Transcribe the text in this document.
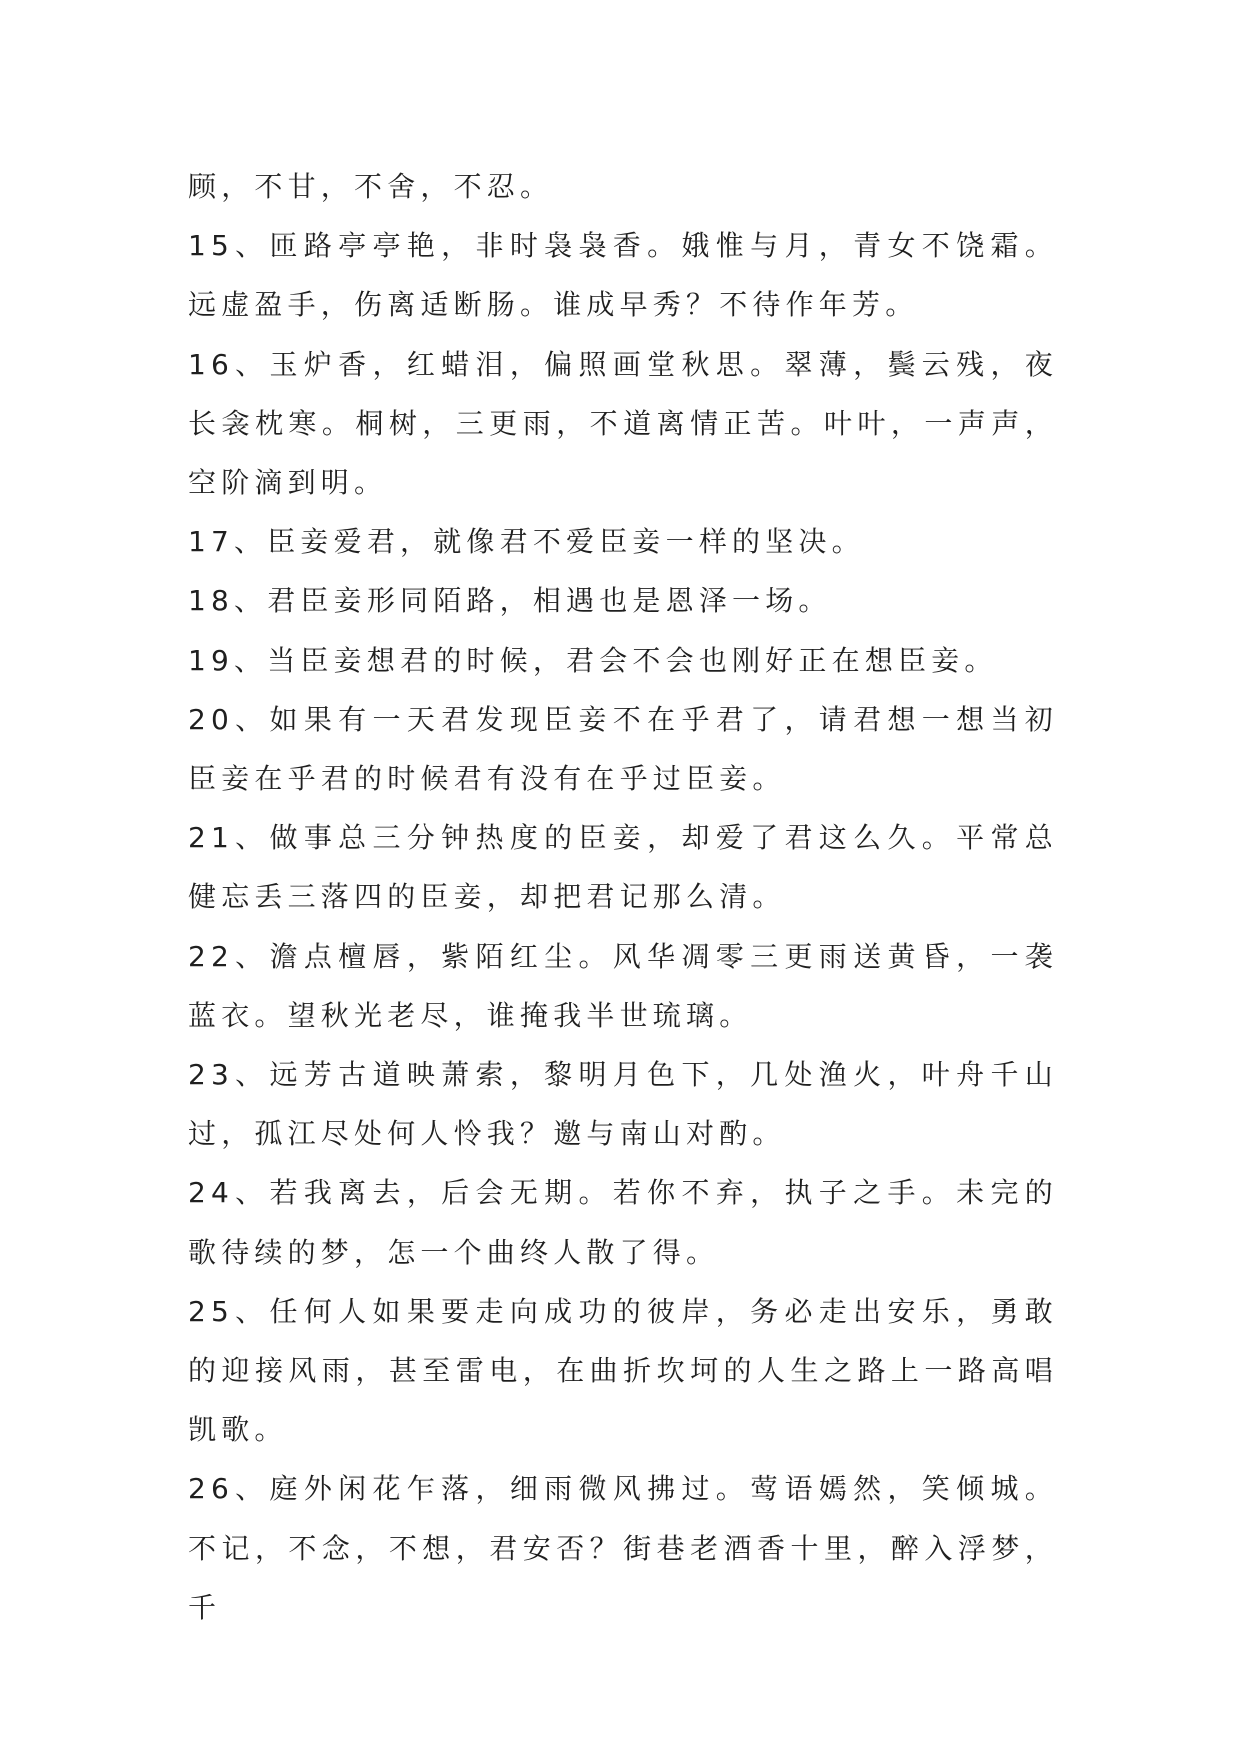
顾，不甘，不舍，不忍。

15、匝路亭亭艳，非时袅袅香。娥惟与月，青女不饶霜。远虚盈手，伤离适断肠。谁成早秀？不待作年芳。

16、玉炉香，红蜡泪，偏照画堂秋思。翠薄，鬓云残，夜长衾枕寒。桐树，三更雨，不道离情正苦。叶叶，一声声，空阶滴到明。

17、臣妾爱君，就像君不爱臣妾一样的坚决。

18、君臣妾形同陌路，相遇也是恩泽一场。

19、当臣妾想君的时候，君会不会也刚好正在想臣妾。

20、如果有一天君发现臣妾不在乎君了，请君想一想当初臣妾在乎君的时候君有没有在乎过臣妾。

21、做事总三分钟热度的臣妾，却爱了君这么久。平常总健忘丢三落四的臣妾，却把君记那么清。

22、澹点檀唇，紫陌红尘。风华凋零三更雨送黄昏，一袭蓝衣。望秋光老尽，谁掩我半世琉璃。

23、远芳古道映萧索，黎明月色下，几处渔火，叶舟千山过，孤江尽处何人怜我？邀与南山对酌。

24、若我离去，后会无期。若你不弃，执子之手。未完的歌待续的梦，怎一个曲终人散了得。

25、任何人如果要走向成功的彼岸，务必走出安乐，勇敢的迎接风雨，甚至雷电，在曲折坎坷的人生之路上一路高唱凯歌。

26、庭外闲花乍落，细雨微风拂过。莺语嫣然，笑倾城。不记，不念，不想，君安否？街巷老酒香十里，醉入浮梦，千
